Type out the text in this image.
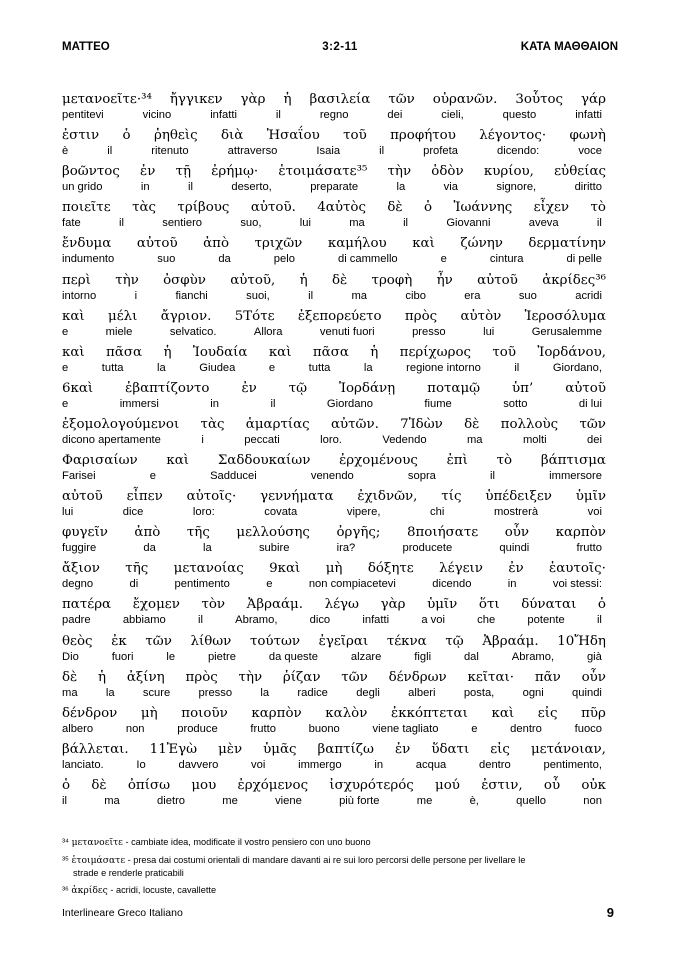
3:2-11
MATTEO	ΚΑΤΑ ΜΑΘΘΑΙΟΝ
μετανοεῖτε·³⁴ ἤγγικεν γὰρ ἡ βασιλεία τῶν οὐρανῶν. 3οὗτος γάρ
pentitevi	vicino	infatti	il	regno	dei	cieli,	questo	infatti
ἐστιν ὁ ῥηθεὶς διὰ Ἠσαΐου τοῦ προφήτου λέγοντος· φωνὴ
è	il	ritenuto	attraverso	Isaia	il	profeta	dicendo:	voce
βοῶντος ἐν τῇ ἐρήμῳ· ἑτοιμάσατε³⁵ τὴν ὁδὸν κυρίου, εὐθείας
un grido	in	il	deserto,	preparate	la	via	signore,	diritto
ποιεῖτε τὰς τρίβους αὐτοῦ. 4αὐτὸς δὲ ὁ Ἰωάννης εἶχεν τὸ
fate	il	sentiero	suo,	lui	ma	il	Giovanni	aveva	il
ἔνδυμα αὐτοῦ ἀπὸ τριχῶν καμήλου καὶ ζώνην δερματίνην
indumento	suo	da	pelo	di cammello	e	cintura	di pelle
περὶ τὴν ὀσφὺν αὐτοῦ, ἡ δὲ τροφὴ ἦν αὐτοῦ ἀκρίδες³⁶
intorno	i	fianchi	suoi,	il	ma	cibo	era	suo	acridi
καὶ μέλι ἄγριον. 5Τότε ἐξεπορεύετο πρὸς αὐτὸν Ἱεροσόλυμα
e	miele	selvatico.	Allora	venuti fuori	presso	lui	Gerusalemme
καὶ πᾶσα ἡ Ἰουδαία καὶ πᾶσα ἡ περίχωρος τοῦ Ἰορδάνου,
e	tutta	la	Giudea	e	tutta	la	regione intorno	il	Giordano,
6καὶ ἐβαπτίζοντο ἐν τῷ Ἰορδάνῃ ποταμῷ ὑπ’ αὐτοῦ
e	immersi	in	il	Giordano	fiume	sotto	di lui
ἐξομολογούμενοι τὰς ἁμαρτίας αὐτῶν. 7Ἰδὼν δὲ πολλοὺς τῶν
dicono apertamente	i	peccati	loro.	Vedendo	ma	molti	dei
Φαρισαίων καὶ Σαδδουκαίων ἐρχομένους ἐπὶ τὸ βάπτισμα
Farisei	e	Sadducei	venendo	sopra	il	immersore
αὐτοῦ εἶπεν αὐτοῖς· γεννήματα ἐχιδνῶν, τίς ὑπέδειξεν ὑμῖν
lui	dice	loro:	covata	vipere,	chi	mostrerà	voi
φυγεῖν ἀπὸ τῆς μελλούσης ὀργῆς; 8ποιήσατε οὖν καρπὸν
fuggire	da	la	subire	ira?	producete	quindi	frutto
ἄξιον τῆς μετανοίας 9καὶ μὴ δόξητε λέγειν ἐν ἑαυτοῖς·
degno	di	pentimento	e	non compiacetevi	dicendo	in	voi stessi:
πατέρα ἔχομεν τὸν Ἀβραάμ. λέγω γὰρ ὑμῖν ὅτι δύναται ὁ
padre	abbiamo	il	Abramo,	dico	infatti	a voi	che	potente	il
θεὸς ἐκ τῶν λίθων τούτων ἐγεῖραι τέκνα τῷ Ἀβραάμ. 10Ἤδη
Dio	fuori	le	pietre	da queste	alzare	figli	dal	Abramo,	già
δὲ ἡ ἀξίνη πρὸς τὴν ῥίζαν τῶν δένδρων κεῖται· πᾶν οὖν
ma	la	scure	presso	la	radice	degli	alberi	posta,	ogni	quindi
δένδρον μὴ ποιοῦν καρπὸν καλὸν ἐκκόπτεται καὶ εἰς πῦρ
albero	non	produce	frutto	buono	viene tagliato	e	dentro	fuoco
βάλλεται. 11Ἐγὼ μὲν ὑμᾶς βαπτίζω ἐν ὕδατι εἰς μετάνοιαν,
lanciato.	Io	davvero	voi	immergo	in	acqua	dentro	pentimento,
ὁ δὲ ὀπίσω μου ἐρχόμενος ἰσχυρότερός μού ἐστιν, οὗ οὐκ
il	ma	dietro	me	viene	più forte	me	è,	quello	non
³⁴ μετανοεῖτε - cambiate idea, modificate il vostro pensiero con uno buono
³⁵ ἑτοιμάσατε - presa dai costumi orientali di mandare davanti ai re sui loro percorsi delle persone per livellare le
strade e renderle praticabili
³⁶ ἀκρίδες - acridi, locuste, cavallette
Interlineare Greco Italiano	9
